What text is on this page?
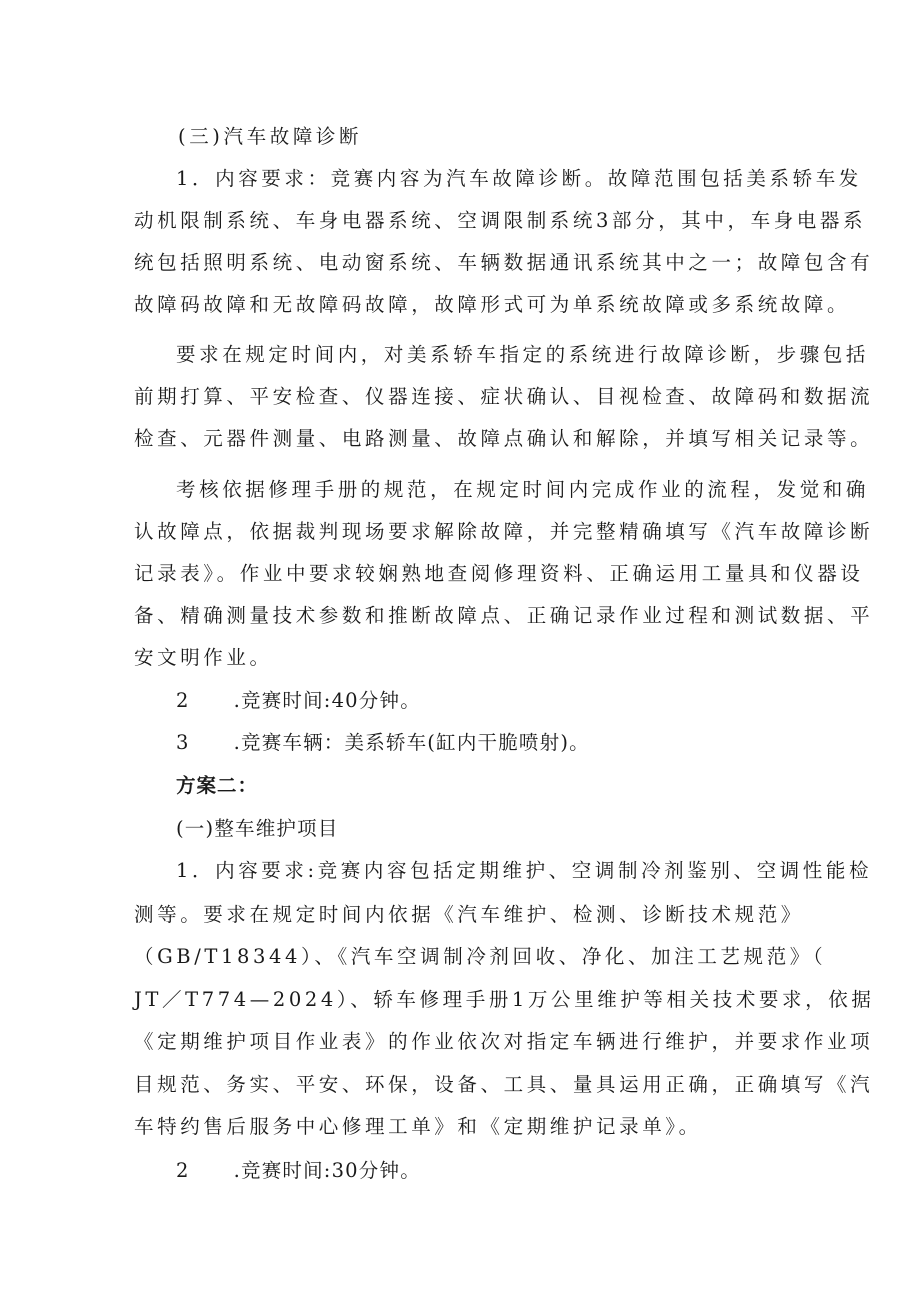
(三)汽车故障诊断
1．内容要求：竞赛内容为汽车故障诊断。故障范围包括美系轿车发
动机限制系统、车身电器系统、空调限制系统3部分，其中，车身电器系
统包括照明系统、电动窗系统、车辆数据通讯系统其中之一；故障包含有
故障码故障和无故障码故障，故障形式可为单系统故障或多系统故障。
要求在规定时间内，对美系轿车指定的系统进行故障诊断，步骤包括
前期打算、平安检查、仪器连接、症状确认、目视检查、故障码和数据流
检查、元器件测量、电路测量、故障点确认和解除，并填写相关记录等。
考核依据修理手册的规范，在规定时间内完成作业的流程，发觉和确
认故障点，依据裁判现场要求解除故障，并完整精确填写《汽车故障诊断
记录表》。作业中要求较娴熟地查阅修理资料、正确运用工量具和仪器设
备、精确测量技术参数和推断故障点、正确记录作业过程和测试数据、平
安文明作业。
2 .竞赛时间:40分钟。
3 .竞赛车辆：美系轿车(缸内干脆喷射)。
方案二：
(一)整车维护项目
1．内容要求:竞赛内容包括定期维护、空调制冷剂鉴别、空调性能检
测等。要求在规定时间内依据《汽车维护、检测、诊断技术规范》
（GB/T18344）、《汽车空调制冷剂回收、净化、加注工艺规范》（
JT／T774—2024）、轿车修理手册1万公里维护等相关技术要求，依据
《定期维护项目作业表》的作业依次对指定车辆进行维护，并要求作业项
目规范、务实、平安、环保，设备、工具、量具运用正确，正确填写《汽
车特约售后服务中心修理工单》和《定期维护记录单》。
2 .竞赛时间:30分钟。
